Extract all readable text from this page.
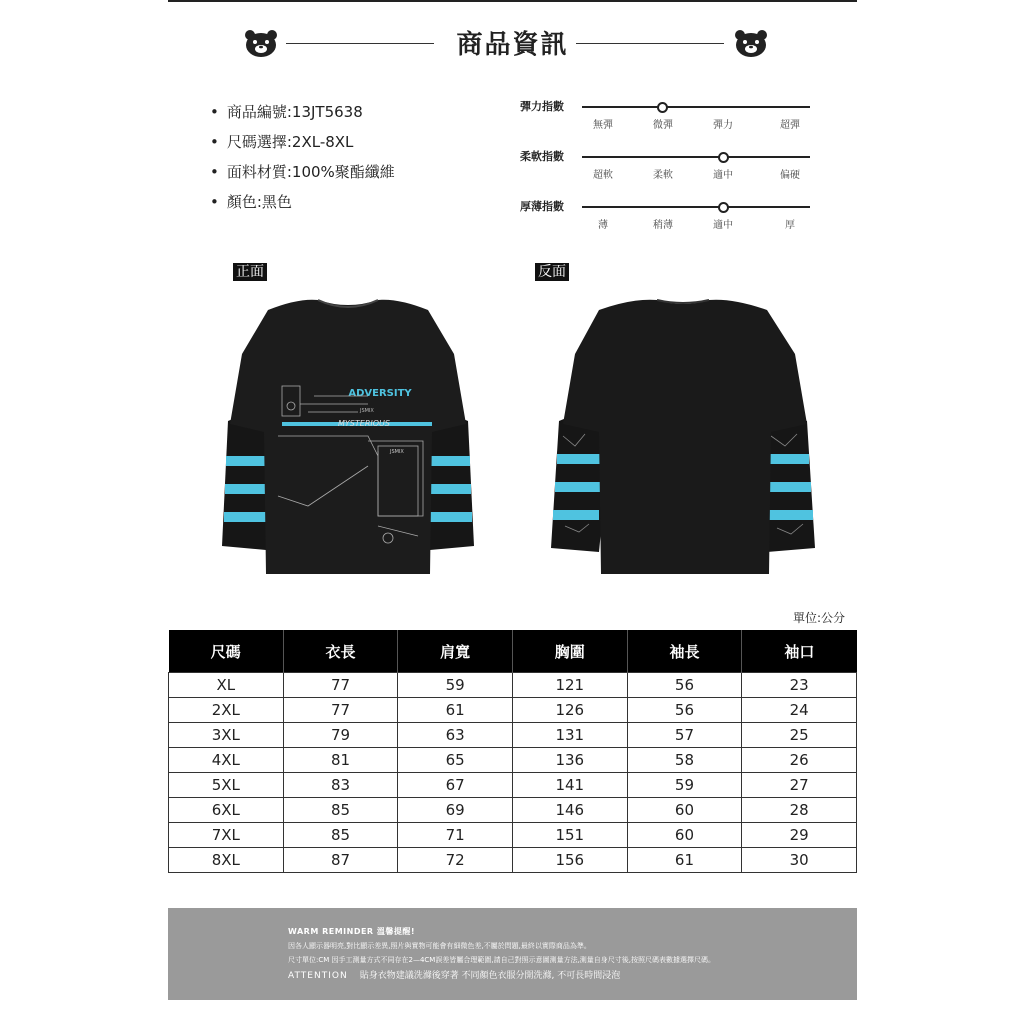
商品資訊
• 商品編號:13JT5638
• 尺碼選擇:2XL-8XL
• 面料材質:100%聚酯纖維
• 顏色:黑色
彈力指數
無彈	微彈	彈力	超彈
柔軟指數
超軟	柔軟	適中	偏硬
厚薄指數
薄	稍薄	適中	厚
正面	反面
ADVERSITY
JSMIX
MYSTERIOUS
JSMIX
單位:公分
尺碼	衣長	肩寬	胸圍	袖長	袖口
XL	77	59	121	56	23
2XL	77	61	126	56	24
3XL	79	63	131	57	25
4XL	81	65	136	58	26
5XL	83	67	141	59	27
6XL	85	69	146	60	28
7XL	85	71	151	60	29
8XL	87	72	156	61	30
WARM REMINDER 溫馨提醒!
因各人顯示器明亮,對比顯示差異,照片與實物可能會有細微色差,不屬於問題,最終以實際商品為準。
尺寸單位:CM 因手工測量方式不同存在2—4CM誤差皆屬合理範圍,請自己對照示意圖測量方法,測量自身尺寸後,按照尺碼表數據選擇尺碼。
ATTENTION 貼身衣物建議洗滌後穿著 不同顏色衣服分開洗滌, 不可長時間浸泡
